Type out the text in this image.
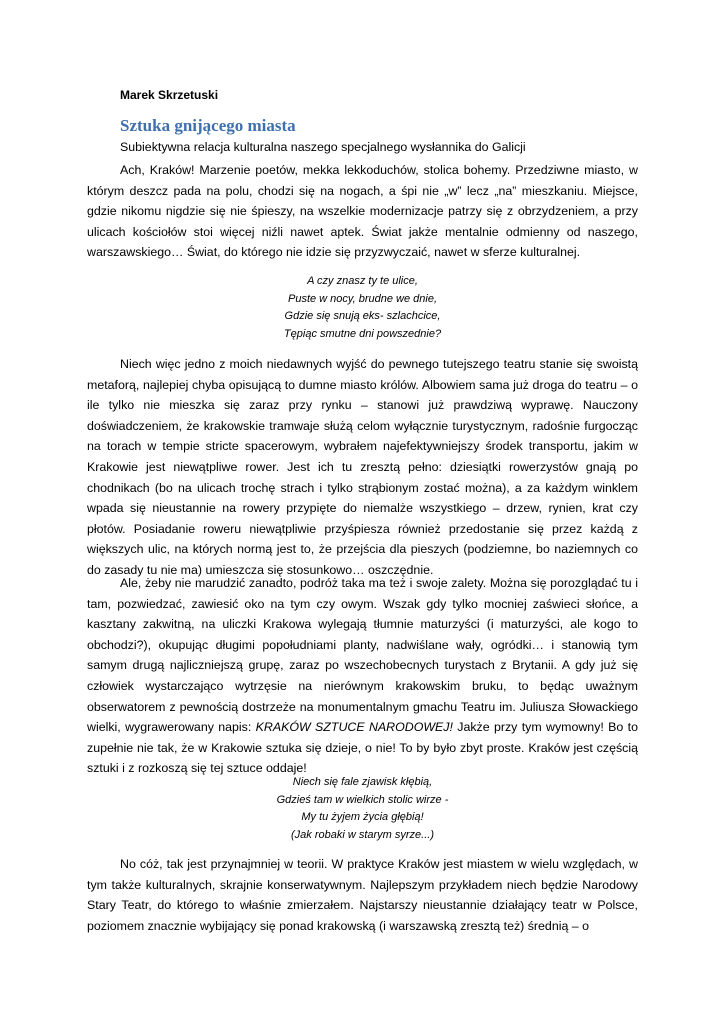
Marek Skrzetuski
Sztuka gnijącego miasta
Subiektywna relacja kulturalna naszego specjalnego wysłannika do Galicji

Ach, Kraków! Marzenie poetów, mekka lekkoduchów, stolica bohemy. Przedziwne miasto, w którym deszcz pada na polu, chodzi się na nogach, a śpi nie „w” lecz „na” mieszkaniu. Miejsce, gdzie nikomu nigdzie się nie śpieszy, na wszelkie modernizacje patrzy się z obrzydzeniem, a przy ulicach kościołów stoi więcej niźli nawet aptek. Świat jakże mentalnie odmienny od naszego, warszawskiego… Świat, do którego nie idzie się przyzwyczaić, nawet w sferze kulturalnej.

A czy znasz ty te ulice,
Puste w nocy, brudne we dnie,
Gdzie się snują eks- szlachcice,
Tępiąc smutne dni powszednie?

Niech więc jedno z moich niedawnych wyjść do pewnego tutejszego teatru stanie się swoistą metaforą, najlepiej chyba opisującą to dumne miasto królów. Albowiem sama już droga do teatru – o ile tylko nie mieszka się zaraz przy rynku – stanowi już prawdziwą wyprawę. Nauczony doświadczeniem, że krakowskie tramwaje służą celom wyłącznie turystycznym, radośnie furgocząc na torach w tempie stricte spacerowym, wybrałem najefektywniejszy środek transportu, jakim w Krakowie jest niewątpliwe rower. Jest ich tu zresztą pełno: dziesiątki rowerzystów gnają po chodnikach (bo na ulicach trochę strach i tylko strąbionym zostać można), a za każdym winklem wpada się nieustannie na rowery przypięte do niemalże wszystkiego – drzew, rynien, krat czy płotów. Posiadanie roweru niewątpliwie przyśpiesza również przedostanie się przez każdą z większych ulic, na których normą jest to, że przejścia dla pieszych (podziemne, bo naziemnych co do zasady tu nie ma) umieszcza się stosunkowo… oszczędnie.

Ale, żeby nie marudzić zanadto, podróż taka ma też i swoje zalety. Można się porozglądać tu i tam, pozwiedzać, zawiesić oko na tym czy owym. Wszak gdy tylko mocniej zaświeci słońce, a kasztany zakwitną, na uliczki Krakowa wylegają tłumnie maturzyści (i maturzyści, ale kogo to obchodzi?), okupując długimi popołudniami planty, nadwiślane wały, ogródki… i stanowią tym samym drugą najliczniejszą grupę, zaraz po wszechobecnych turystach z Brytanii. A gdy już się człowiek wystarczająco wytrzęsie na nierównym krakowskim bruku, to będąc uważnym obserwatorem z pewnością dostrzeże na monumentalnym gmachu Teatru im. Juliusza Słowackiego wielki, wygrawerowany napis: KRAKÓW SZTUCE NARODOWEJ! Jakże przy tym wymowny! Bo to zupełnie nie tak, że w Krakowie sztuka się dzieje, o nie! To by było zbyt proste. Kraków jest częścią sztuki i z rozkoszą się tej sztuce oddaje!

Niech się fale zjawisk kłębią,
Gdzieś tam w wielkich stolic wirze -
My tu żyjem życia głębią!
(Jak robaki w starym syrze...)

No cóż, tak jest przynajmniej w teorii. W praktyce Kraków jest miastem w wielu względach, w tym także kulturalnych, skrajnie konserwatywnym. Najlepszym przykładem niech będzie Narodowy Stary Teatr, do którego to właśnie zmierzałem. Najstarszy nieustannie działający teatr w Polsce, poziomem znacznie wybijający się ponad krakowską (i warszawską zresztą też) średnią – o
